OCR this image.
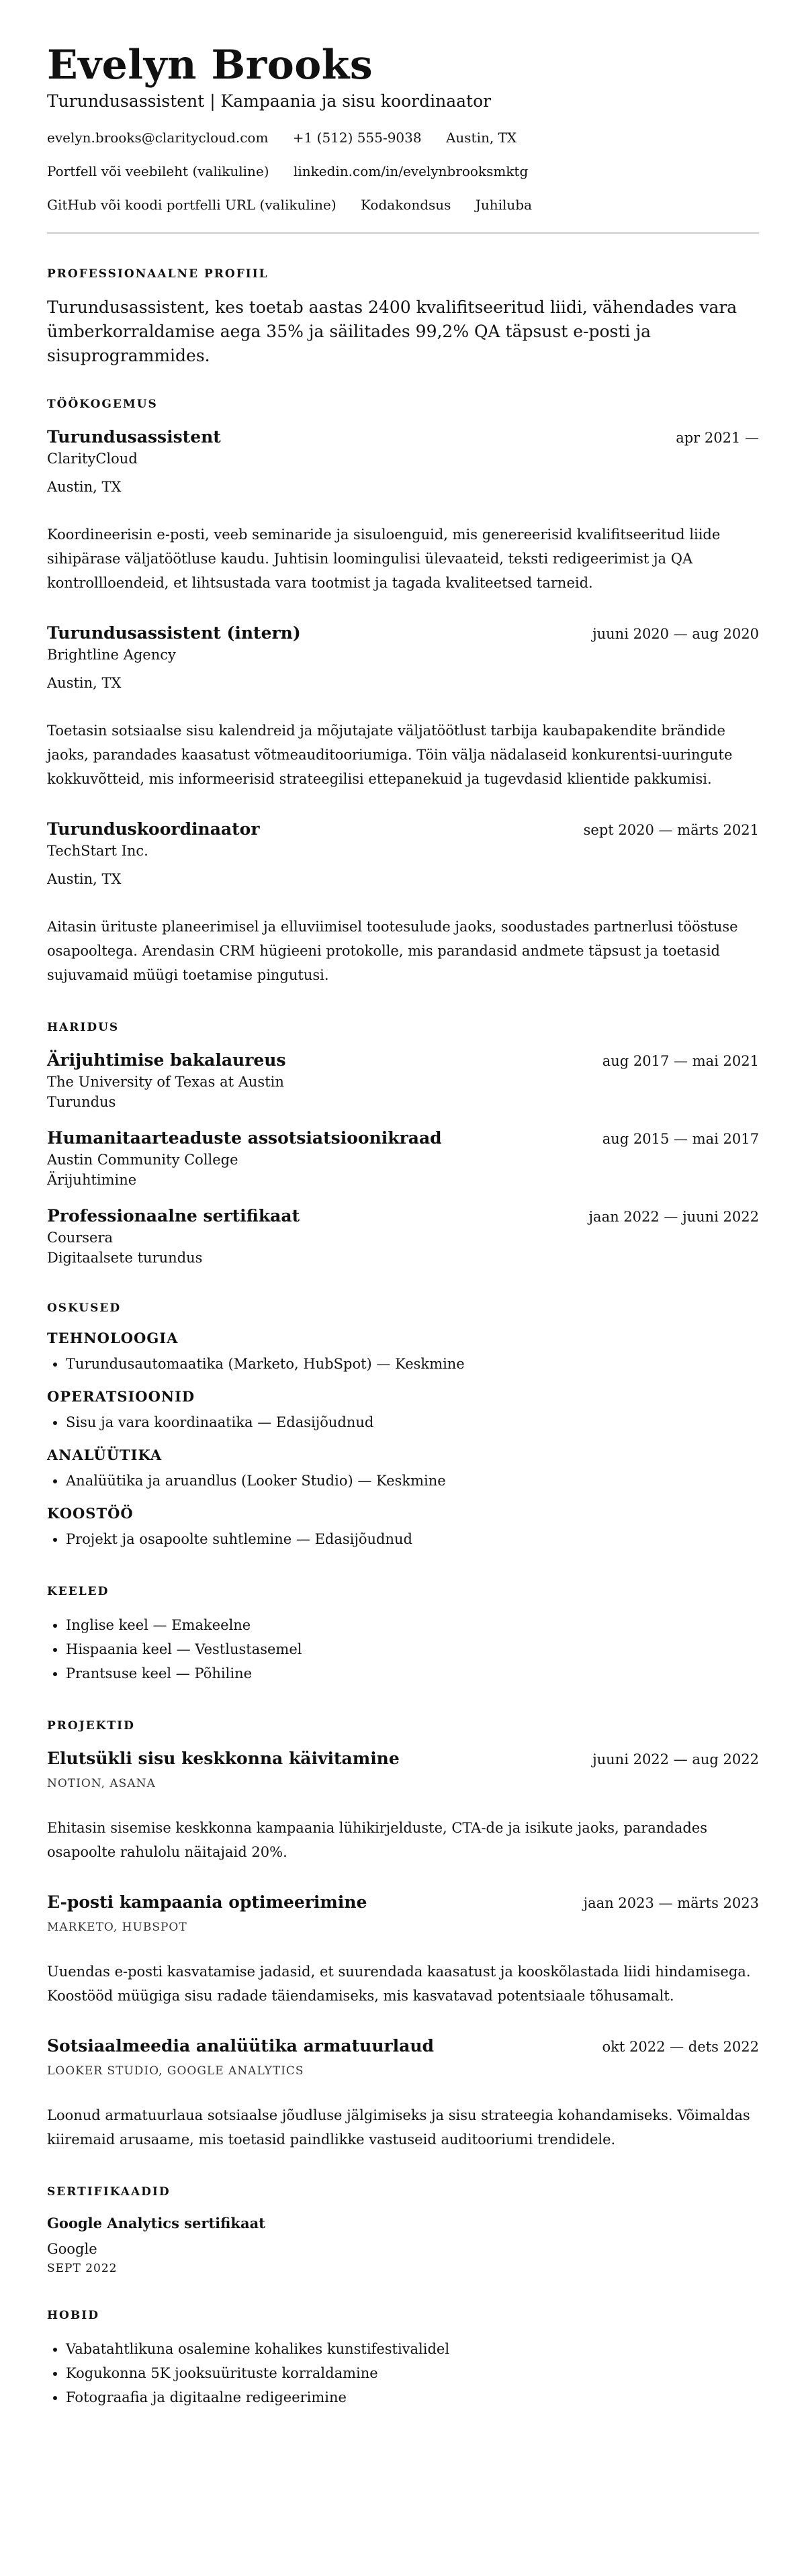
Evelyn Brooks
Turundusassistent | Kampaania ja sisu koordinaator
evelyn.brooks@claritycloud.com +1 (512) 555-9038 Austin, TX
Portfell või veebileht (valikuline) linkedin.com/in/evelynbrooksmktg
GitHub või koodi portfelli URL (valikuline) Kodakondsus Juhiluba
PROFESSIONAALNE PROFIIL
Turundusassistent, kes toetab aastas 2400 kvalifitseeritud liidi, vähendades vara ümberkorraldamise aega 35% ja säilitades 99,2% QA täpsust e-posti ja sisuprogrammides.
TÖÖKOGEMUS
Turundusassistent	apr 2021 —
ClarityCloud
Austin, TX
Koordineerisin e-posti, veeb seminaride ja sisuloenguid, mis genereerisid kvalifitseeritud liide sihipärase väljatöötluse kaudu. Juhtisin loomingulisi ülevaateid, teksti redigeerimist ja QA kontrollloendeid, et lihtsustada vara tootmist ja tagada kvaliteetsed tarneid.
Turundusassistent (intern)	juuni 2020 — aug 2020
Brightline Agency
Austin, TX
Toetasin sotsiaalse sisu kalendreid ja mõjutajate väljatöötlust tarbija kaubapakendite brändide jaoks, parandades kaasatust võtmeauditooriumiga. Töin välja nädalaseid konkurentsi-uuringute kokkuvõtteid, mis informeerisid strateegilisi ettepanekuid ja tugevdasid klientide pakkumisi.
Turunduskoordinaator	sept 2020 — märts 2021
TechStart Inc.
Austin, TX
Aitasin ürituste planeerimisel ja elluviimisel tootesulude jaoks, soodustades partnerlusi tööstuse osapooltega. Arendasin CRM hügieeni protokolle, mis parandasid andmete täpsust ja toetasid sujuvamaid müügi toetamise pingutusi.
HARIDUS
Ärijuhtimise bakalaureus	aug 2017 — mai 2021
The University of Texas at Austin
Turundus
Humanitaarteaduste assotsiatsioonikraad	aug 2015 — mai 2017
Austin Community College
Ärijuhtimine
Professionaalne sertifikaat	jaan 2022 — juuni 2022
Coursera
Digitaalsete turundus
OSKUSED
TEHNOLOOGIA
• Turundusautomaatika (Marketo, HubSpot) — Keskmine
OPERATSIOONID
• Sisu ja vara koordinaatika — Edasijõudnud
ANALÜÜTIKA
• Analüütika ja aruandlus (Looker Studio) — Keskmine
KOOSTÖÖ
• Projekt ja osapoolte suhtlemine — Edasijõudnud
KEELED
• Inglise keel — Emakeelne
• Hispaania keel — Vestlustasemel
• Prantsuse keel — Põhiline
PROJEKTID
Elutsükli sisu keskkonna käivitamine	juuni 2022 — aug 2022
NOTION, ASANA
Ehitasin sisemise keskkonna kampaania lühikirjelduste, CTA-de ja isikute jaoks, parandades osapoolte rahulolu näitajaid 20%.
E-posti kampaania optimeerimine	jaan 2023 — märts 2023
MARKETO, HUBSPOT
Uuendas e-posti kasvatamise jadasid, et suurendada kaasatust ja kooskõlastada liidi hindamisega. Koostööd müügiga sisu radade täiendamiseks, mis kasvatavad potentsiaale tõhusamalt.
Sotsiaalmeedia analüütika armatuurlaud	okt 2022 — dets 2022
LOOKER STUDIO, GOOGLE ANALYTICS
Loonud armatuurlaua sotsiaalse jõudluse jälgimiseks ja sisu strateegia kohandamiseks. Võimaldas kiiremaid arusaame, mis toetasid paindlikke vastuseid auditooriumi trendidele.
SERTIFIKAADID
Google Analytics sertifikaat
Google
SEPT 2022
HOBID
• Vabatahtlikuna osalemine kohalikes kunstifestivalidel
• Kogukonna 5K jooksuürituste korraldamine
• Fotograafia ja digitaalne redigeerimine
